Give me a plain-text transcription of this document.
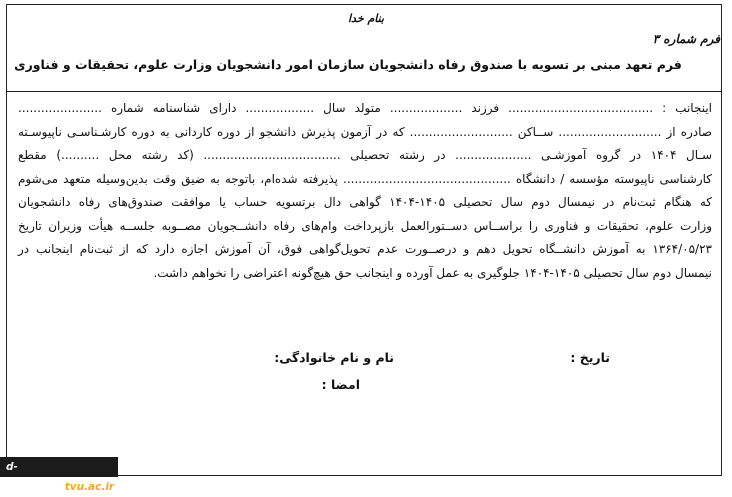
بنام خدا
فرم شماره ۳
فرم تعهد مبنی بر تسویه با صندوق رفاه دانشجویان سازمان امور دانشجویان وزارت علوم، تحقیقات و فناوری
اینجانب : ...................................... فرزند ................... متولد سال .................. دارای شناسنامه شماره ......................
صادره از ........................... ســاکن ........................... که در آزمون پذیرش دانشجو از دوره کاردانی به دوره کارشـناسـی ناپیوسـته
سـال ۱۴۰۴ در گروه آموزشـی .................... در رشته تحصیلی .................................... (کد رشته محل ..........) مقطع
کارشناسی ناپیوسته مؤسسه / دانشگاه ............................................ پذیرفته شده‌ام، باتوجه به ضیق وقت بدین‌وسیله متعهد می‌شوم
که هنگام ثبت‌نام در نیمسال دوم سال تحصیلی ۱۴۰۵-۱۴۰۴ گواهی دال برتسویه حساب یا موافقت صندوق‌های رفاه دانشجویان
وزارت علوم، تحقیقات و فناوری را براســاس دســتورالعمل بازپرداخت وام‌های رفاه دانشــجویان مصــوبه جلســه هیأت وزیران تاریخ
۱۳۶۴/۰۵/۲۳ به آموزش دانشــگاه تحویل دهم و درصــورت عدم تحویل‌گواهی فوق، آن آموزش اجازه دارد که از ثبت‌نام اینجانب در
نیمسال دوم سال تحصیلی ۱۴۰۵-۱۴۰۴ جلوگیری به عمل آورده و اینجانب حق هیچ‌گونه اعتراضی را نخواهم داشت.
تاریخ :
نام و نام خانوادگی:
امضا :
d-hamedan.tvu.ac.ir
